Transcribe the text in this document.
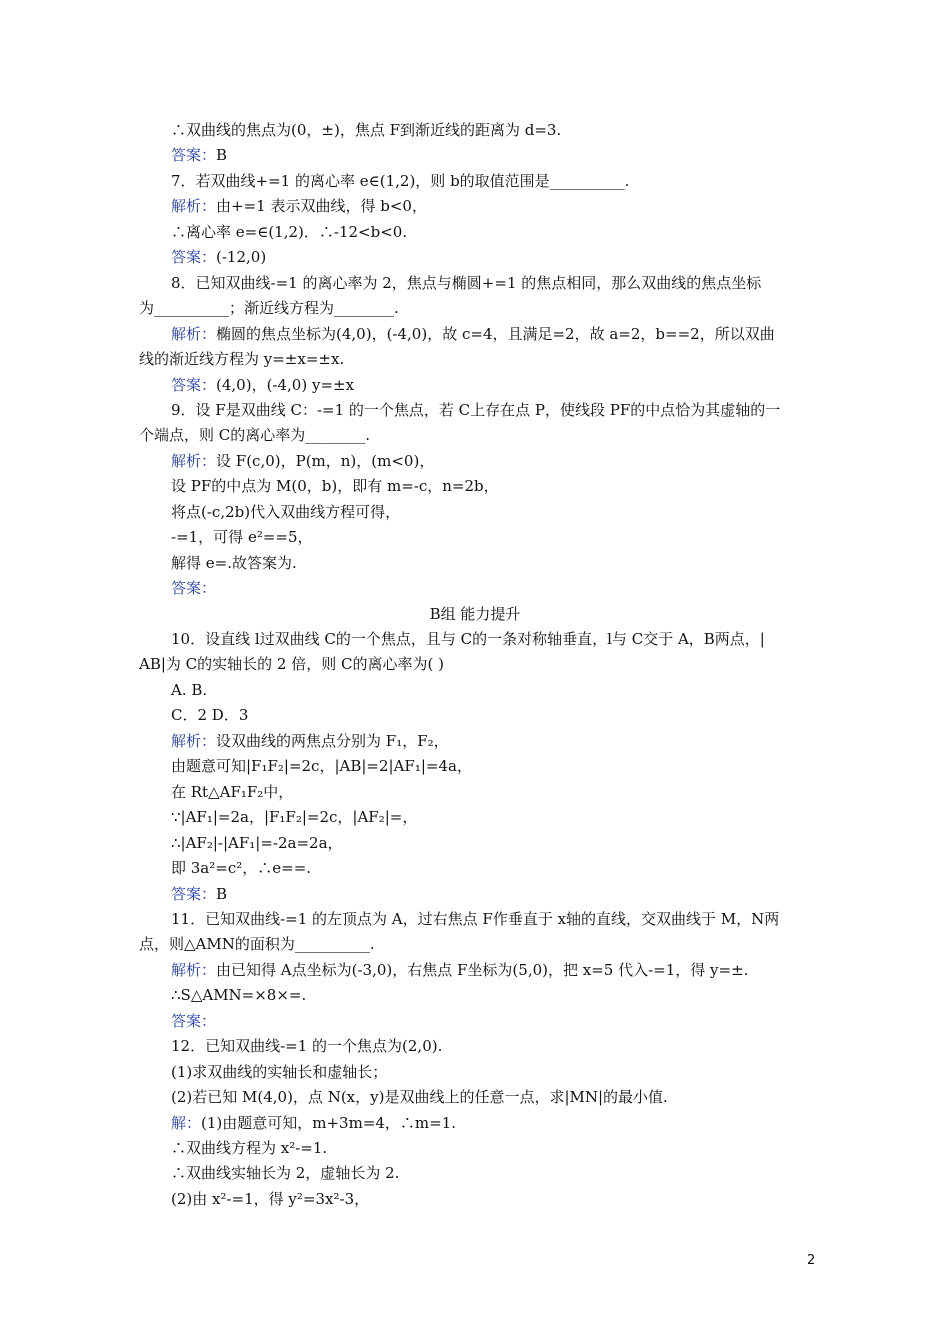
∴双曲线的焦点为(0，±)，焦点 F到渐近线的距离为 d=3.
答案：B
7．若双曲线+=1 的离心率 e∈(1,2)，则 b的取值范围是__________.
解析：由+=1 表示双曲线，得 b<0，
∴离心率 e=∈(1,2)．∴-12<b<0.
答案：(-12,0)
8．已知双曲线-=1 的离心率为 2，焦点与椭圆+=1 的焦点相同，那么双曲线的焦点坐标
为__________；渐近线方程为________.
解析：椭圆的焦点坐标为(4,0)，(-4,0)，故 c=4，且满足=2，故 a=2，b==2，所以双曲
线的渐近线方程为 y=±x=±x.
答案：(4,0)，(-4,0) y=±x
9．设 F是双曲线 C：-=1 的一个焦点，若 C上存在点 P，使线段 PF的中点恰为其虚轴的一
个端点，则 C的离心率为________.
解析：设 F(c,0)，P(m，n)，(m<0)，
设 PF的中点为 M(0，b)，即有 m=-c，n=2b，
将点(-c,2b)代入双曲线方程可得，
-=1，可得 e²==5，
解得 e=.故答案为.
答案：
B组 能力提升
10．设直线 l过双曲线 C的一个焦点，且与 C的一条对称轴垂直，l与 C交于 A，B两点，|
AB|为 C的实轴长的 2 倍，则 C的离心率为( )
A. B.
C．2 D．3
解析：设双曲线的两焦点分别为 F₁，F₂，
由题意可知|F₁F₂|=2c，|AB|=2|AF₁|=4a，
在 Rt△AF₁F₂中，
∵|AF₁|=2a，|F₁F₂|=2c，|AF₂|=，
∴|AF₂|-|AF₁|=-2a=2a，
即 3a²=c²，∴e==.
答案：B
11．已知双曲线-=1 的左顶点为 A，过右焦点 F作垂直于 x轴的直线，交双曲线于 M，N两
点，则△AMN的面积为__________.
解析：由已知得 A点坐标为(-3,0)，右焦点 F坐标为(5,0)，把 x=5 代入-=1，得 y=±.
∴S△AMN=×8×=.
答案：
12．已知双曲线-=1 的一个焦点为(2,0).
(1)求双曲线的实轴长和虚轴长；
(2)若已知 M(4,0)，点 N(x，y)是双曲线上的任意一点，求|MN|的最小值.
解：(1)由题意可知，m+3m=4，∴m=1.
∴双曲线方程为 x²-=1.
∴双曲线实轴长为 2，虚轴长为 2.
(2)由 x²-=1，得 y²=3x²-3，
2
